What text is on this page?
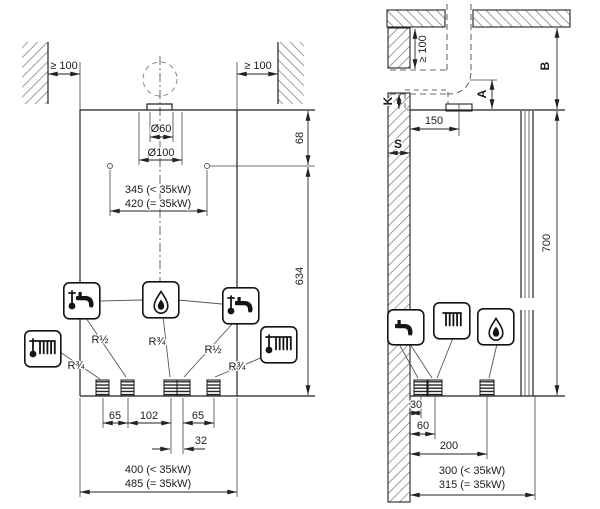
≥ 100	≥ 100
Ø60
Ø100
345 (< 35kW)
420 (= 35kW)
68
634
R¾
R½	R¾
R½
R¾
65 102	65
32
400 (< 35kW)
485 (= 35kW)
≥ 100
K
S
150
A
B
700
30
60
200
300 (< 35kW)
315 (= 35kW)
